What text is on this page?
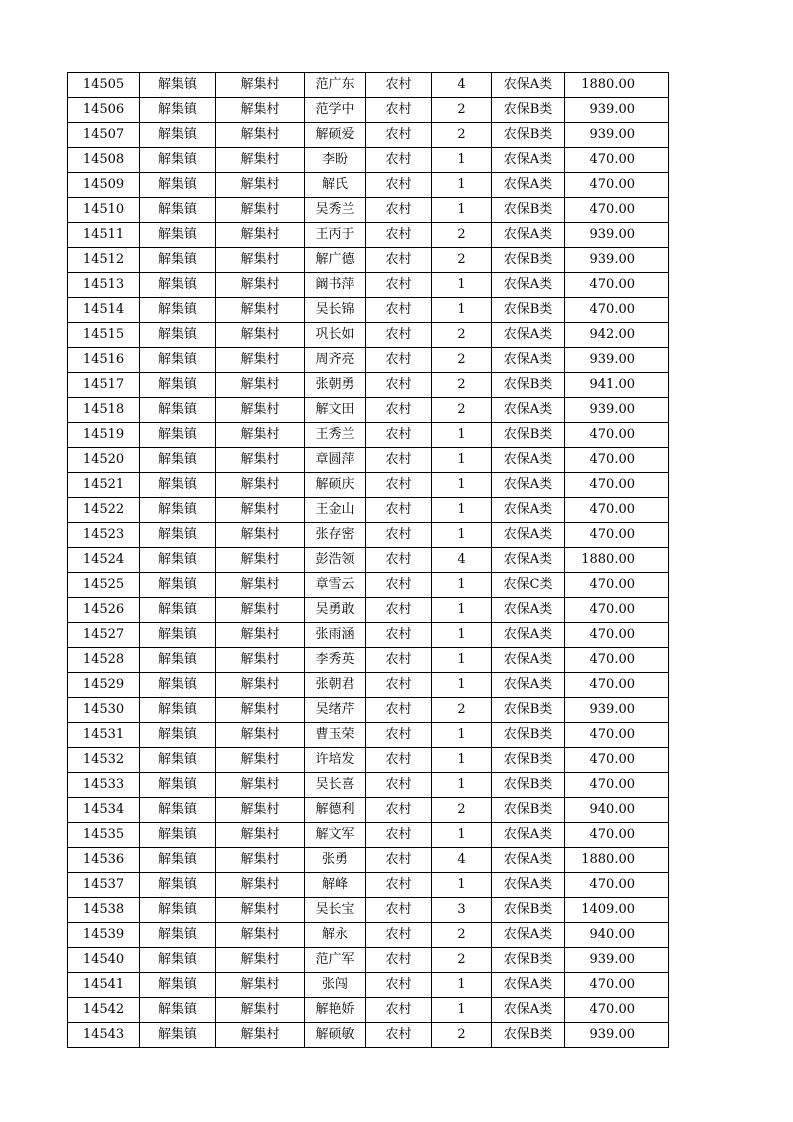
14505	解集镇	解集村	范广东	农村	4	农保A类	1880.00
14506	解集镇	解集村	范学中	农村	2	农保B类	939.00
14507	解集镇	解集村	解硕爱	农村	2	农保B类	939.00
14508	解集镇	解集村	李盼	农村	1	农保A类	470.00
14509	解集镇	解集村	解氏	农村	1	农保A类	470.00
14510	解集镇	解集村	吴秀兰	农村	1	农保B类	470.00
14511	解集镇	解集村	王丙于	农村	2	农保A类	939.00
14512	解集镇	解集村	解广德	农村	2	农保B类	939.00
14513	解集镇	解集村	阚书萍	农村	1	农保A类	470.00
14514	解集镇	解集村	吴长锦	农村	1	农保B类	470.00
14515	解集镇	解集村	巩长如	农村	2	农保A类	942.00
14516	解集镇	解集村	周齐亮	农村	2	农保A类	939.00
14517	解集镇	解集村	张朝勇	农村	2	农保B类	941.00
14518	解集镇	解集村	解文田	农村	2	农保A类	939.00
14519	解集镇	解集村	王秀兰	农村	1	农保B类	470.00
14520	解集镇	解集村	章圆萍	农村	1	农保A类	470.00
14521	解集镇	解集村	解硕庆	农村	1	农保A类	470.00
14522	解集镇	解集村	王金山	农村	1	农保A类	470.00
14523	解集镇	解集村	张存密	农村	1	农保A类	470.00
14524	解集镇	解集村	彭浩领	农村	4	农保A类	1880.00
14525	解集镇	解集村	章雪云	农村	1	农保C类	470.00
14526	解集镇	解集村	吴勇敢	农村	1	农保A类	470.00
14527	解集镇	解集村	张雨涵	农村	1	农保A类	470.00
14528	解集镇	解集村	李秀英	农村	1	农保A类	470.00
14529	解集镇	解集村	张朝君	农村	1	农保A类	470.00
14530	解集镇	解集村	吴绪芹	农村	2	农保B类	939.00
14531	解集镇	解集村	曹玉荣	农村	1	农保B类	470.00
14532	解集镇	解集村	许培发	农村	1	农保B类	470.00
14533	解集镇	解集村	吴长喜	农村	1	农保B类	470.00
14534	解集镇	解集村	解德利	农村	2	农保B类	940.00
14535	解集镇	解集村	解文军	农村	1	农保A类	470.00
14536	解集镇	解集村	张勇	农村	4	农保A类	1880.00
14537	解集镇	解集村	解峰	农村	1	农保A类	470.00
14538	解集镇	解集村	吴长宝	农村	3	农保B类	1409.00
14539	解集镇	解集村	解永	农村	2	农保A类	940.00
14540	解集镇	解集村	范广军	农村	2	农保B类	939.00
14541	解集镇	解集村	张闯	农村	1	农保A类	470.00
14542	解集镇	解集村	解艳娇	农村	1	农保A类	470.00
14543	解集镇	解集村	解硕敏	农村	2	农保B类	939.00
